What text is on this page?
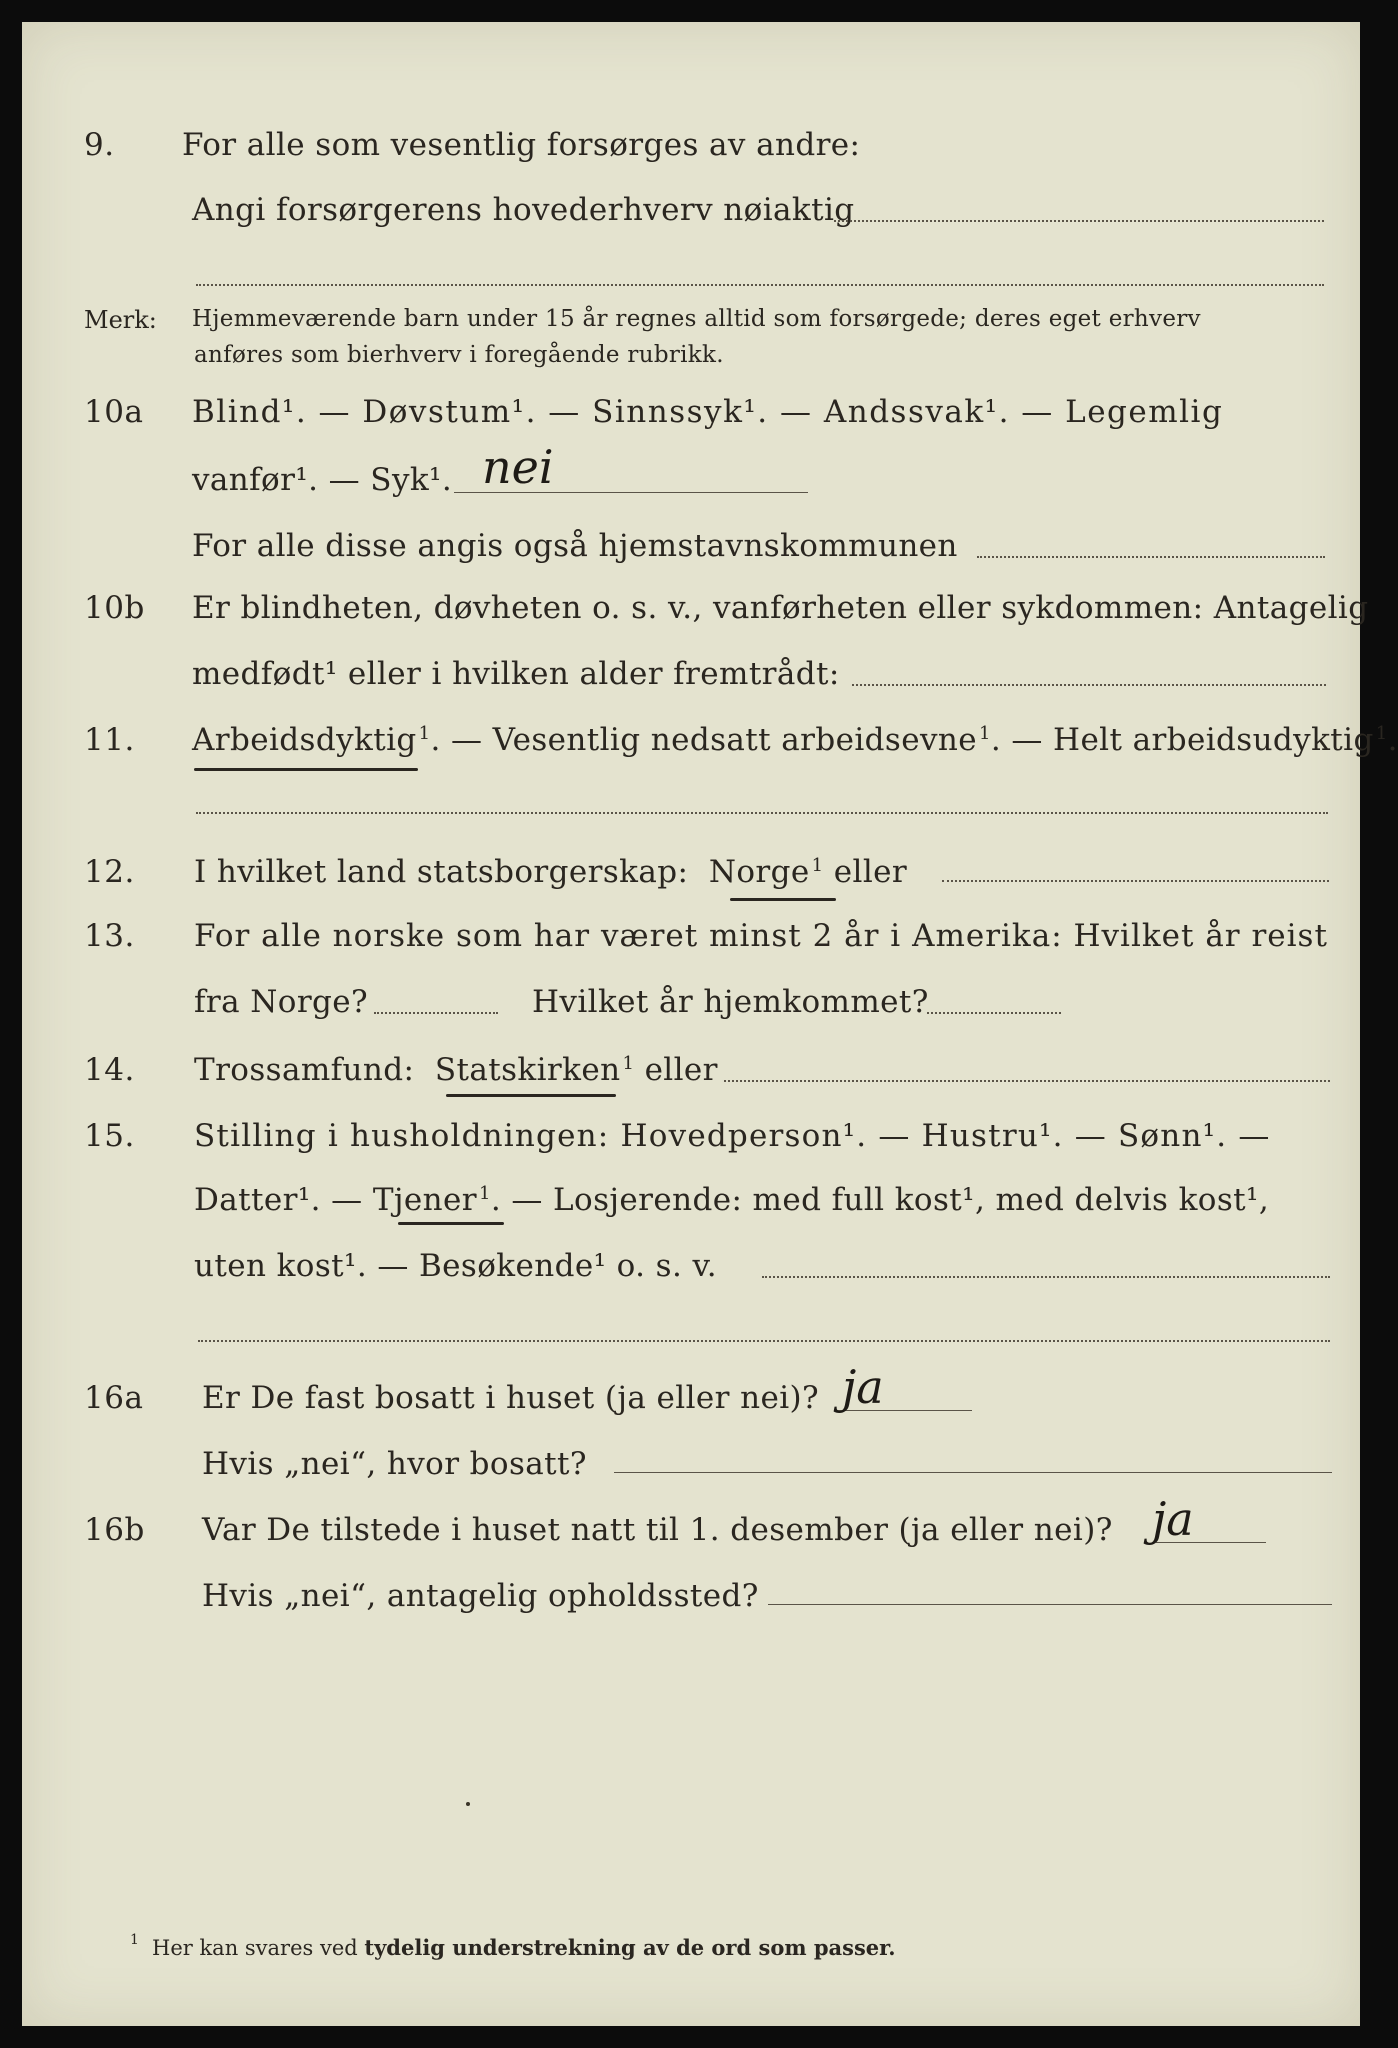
9. For alle som vesentlig forsørges av andre:
Angi forsørgerens hovederhverv nøiaktig
Merk: Hjemmeværende barn under 15 år regnes alltid som forsørgede; deres eget erhverv
anføres som bierhverv i foregående rubrikk.
10a Blind¹. — Døvstum¹. — Sinnssyk¹. — Andssvak¹. — Legemlig
vanfør¹. — Syk¹. nei
For alle disse angis også hjemstavnskommunen
10b Er blindheten, døvheten o. s. v., vanførheten eller sykdommen: Antagelig
medfødt¹ eller i hvilken alder fremtrådt:
11. Arbeidsdyktig $^1$. — Vesentlig nedsatt arbeidsevne $^1$. — Helt arbeidsudyktig $^1$.
12. I hvilket land statsborgerskap: Norge $^1$ eller
13. For alle norske som har været minst 2 år i Amerika: Hvilket år reist
fra Norge?	Hvilket år hjemkommet?
14. Trossamfund: Statskirken $^1$ eller
15. Stilling i husholdningen: Hovedperson¹. — Hustru¹. — Sønn¹. —
Datter¹. — Tjener $^1$. — Losjerende: med full kost¹, med delvis kost¹,
uten kost¹. — Besøkende¹ o. s. v.
16a Er De fast bosatt i huset (ja eller nei)? ja
Hvis „nei“, hvor bosatt?
16b Var De tilstede i huset natt til 1. desember (ja eller nei)? ja
Hvis „nei“, antagelig opholdssted?
1 Her kan svares ved tydelig understrekning av de ord som passer.
